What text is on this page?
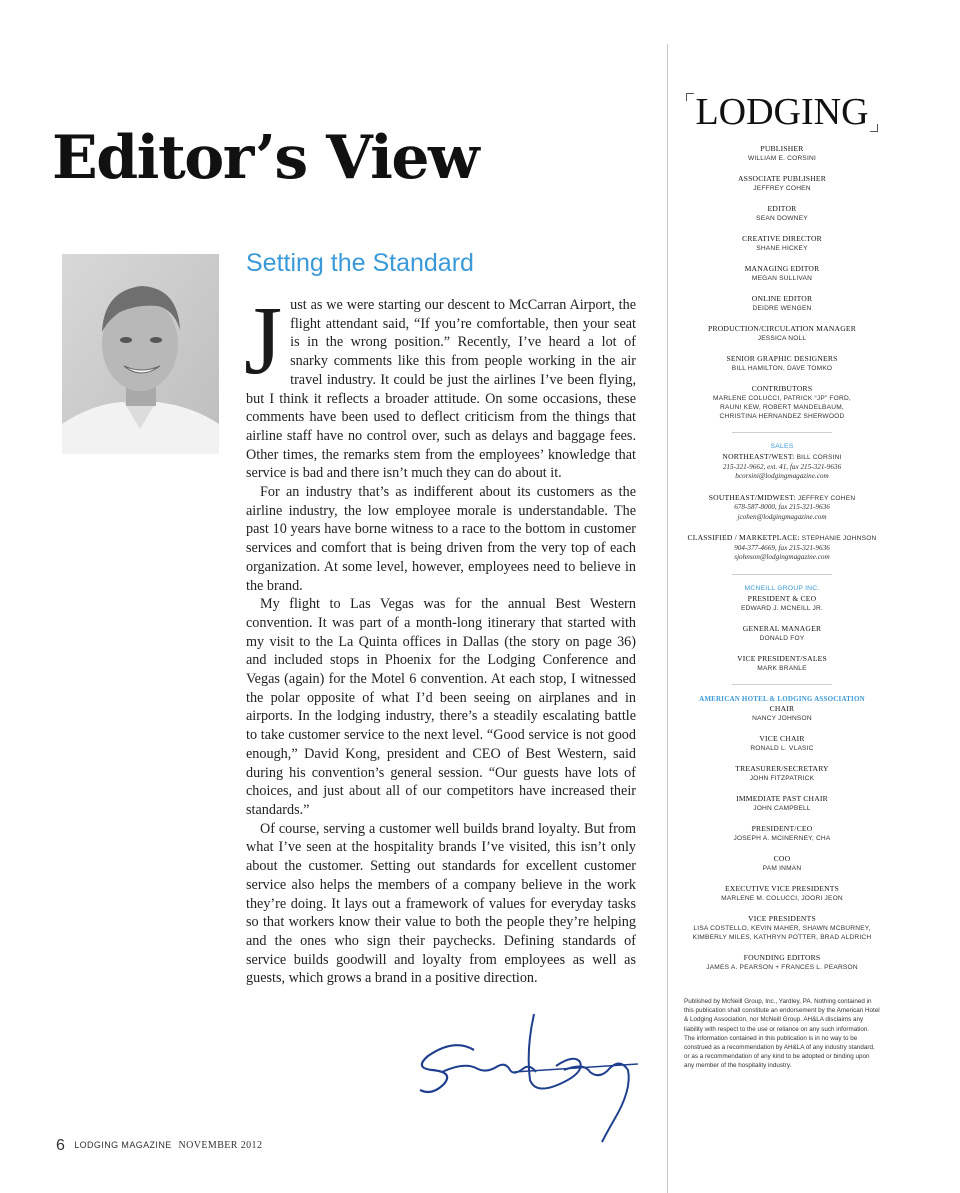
Editor’s View
Setting the Standard

Just as we were starting our descent to McCarran Airport, the flight attendant said, “If you’re comfortable, then your seat is in the wrong position.” Recently, I’ve heard a lot of snarky comments like this from people working in the air travel industry. It could be just the airlines I’ve been flying, but I think it reflects a broader attitude. On some occasions, these comments have been used to deflect criticism from the things that airline staff have no control over, such as delays and baggage fees. Other times, the remarks stem from the employees’ knowledge that service is bad and there isn’t much they can do about it.

For an industry that’s as indifferent about its customers as the airline industry, the low employee morale is understandable. The past 10 years have borne witness to a race to the bottom in customer services and comfort that is being driven from the very top of each organization. At some level, however, employees need to believe in the brand.

My flight to Las Vegas was for the annual Best Western convention. It was part of a month-long itinerary that started with my visit to the La Quinta offices in Dallas (the story on page 36) and included stops in Phoenix for the Lodging Conference and Vegas (again) for the Motel 6 convention. At each stop, I witnessed the polar opposite of what I’d been seeing on airplanes and in airports. In the lodging industry, there’s a steadily escalating battle to take customer service to the next level. “Good service is not good enough,” David Kong, president and CEO of Best Western, said during his convention’s general session. “Our guests have lots of choices, and just about all of our competitors have increased their standards.”

Of course, serving a customer well builds brand loyalty. But from what I’ve seen at the hospitality brands I’ve visited, this isn’t only about the customer. Setting out standards for excellent customer service also helps the members of a company believe in the work they’re doing. It lays out a framework of values for everyday tasks so that workers know their value to both the people they’re helping and the ones who sign their paychecks. Defining standards of service builds goodwill and loyalty from employees as well as guests, which grows a brand in a positive direction.

6 LODGING MAGAZINE NOVEMBER 2012
LODGING
PUBLISHER
WILLIAM E. CORSINI
ASSOCIATE PUBLISHER
JEFFREY COHEN
EDITOR
SEAN DOWNEY
CREATIVE DIRECTOR
SHANE HICKEY
MANAGING EDITOR
MEGAN SULLIVAN
ONLINE EDITOR
DEIDRE WENGEN
PRODUCTION/CIRCULATION MANAGER
JESSICA NOLL
SENIOR GRAPHIC DESIGNERS
BILL HAMILTON, DAVE TOMKO
CONTRIBUTORS
MARLENE COLUCCI, PATRICK “JP” FORD,
RAUNI KEW, ROBERT MANDELBAUM,
CHRISTINA HERNANDEZ SHERWOOD
SALES
NORTHEAST/WEST: BILL CORSINI
215-321-9662, ext. 41, fax 215-321-9636
bcorsini@lodgingmagazine.com
SOUTHEAST/MIDWEST: JEFFREY COHEN
678-587-8000, fax 215-321-9636
jcohen@lodgingmagazine.com
CLASSIFIED / MARKETPLACE: STEPHANIE JOHNSON
904-377-4669, fax 215-321-9636
sjohnson@lodgingmagazine.com
MCNEILL GROUP INC.
PRESIDENT & CEO
EDWARD J. MCNEILL JR.
GENERAL MANAGER
DONALD FOY
VICE PRESIDENT/SALES
MARK BRANLE
AMERICAN HOTEL & LODGING ASSOCIATION
CHAIR
NANCY JOHNSON
VICE CHAIR
RONALD L. VLASIC
TREASURER/SECRETARY
JOHN FITZPATRICK
IMMEDIATE PAST CHAIR
JOHN CAMPBELL
PRESIDENT/CEO
JOSEPH A. MCINERNEY, CHA
COO
PAM INMAN
EXECUTIVE VICE PRESIDENTS
MARLENE M. COLUCCI, JOORI JEON
VICE PRESIDENTS
LISA COSTELLO, KEVIN MAHER, SHAWN MCBURNEY,
KIMBERLY MILES, KATHRYN POTTER, BRAD ALDRICH
FOUNDING EDITORS
JAMES A. PEARSON + FRANCES L. PEARSON
Published by McNeill Group, Inc., Yardley, PA. Nothing contained in this publication shall constitute an endorsement by the American Hotel & Lodging Association, nor McNeill Group. AH&LA disclaims any liability with respect to the use or reliance on any such information. The information contained in this publication is in no way to be construed as a recommendation by AH&LA of any industry standard, or as a recommendation of any kind to be adopted or binding upon any member of the hospitality industry.
